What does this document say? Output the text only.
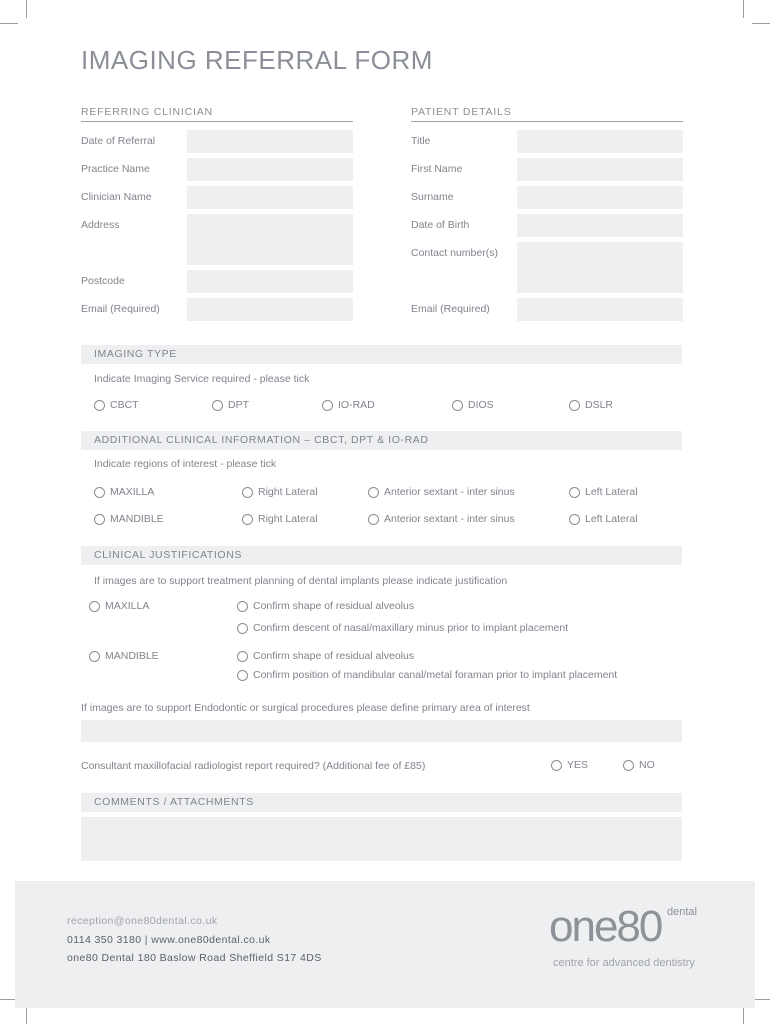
IMAGING REFERRAL FORM
REFERRING CLINICIAN
Date of Referral
Practice Name
Clinician Name
Address
Postcode
Email (Required)
PATIENT DETAILS
Title
First Name
Surname
Date of Birth
Contact number(s)
Email (Required)
IMAGING TYPE
Indicate Imaging Service required - please tick
CBCT	DPT	IO-RAD	DIOS	DSLR
ADDITIONAL CLINICAL INFORMATION – CBCT, DPT & IO-RAD
Indicate regions of interest - please tick
MAXILLA	Right Lateral	Anterior sextant - inter sinus	Left Lateral
MANDIBLE	Right Lateral	Anterior sextant - inter sinus	Left Lateral
CLINICAL JUSTIFICATIONS
If images are to support treatment planning of dental implants please indicate justification
MAXILLA	Confirm shape of residual alveolus
Confirm descent of nasal/maxillary minus prior to implant placement
MANDIBLE	Confirm shape of residual alveolus
Confirm position of mandibular canal/metal foraman prior to implant placement
If images are to support Endodontic or surgical procedures please define primary area of interest
Consultant maxillofacial radiologist report required? (Additional fee of £85)	YES	NO
COMMENTS / ATTACHMENTS
reception@one80dental.co.uk
0114 350 3180 | www.one80dental.co.uk
one80 Dental 180 Baslow Road Sheffield S17 4DS
one80 dental
centre for advanced dentistry
